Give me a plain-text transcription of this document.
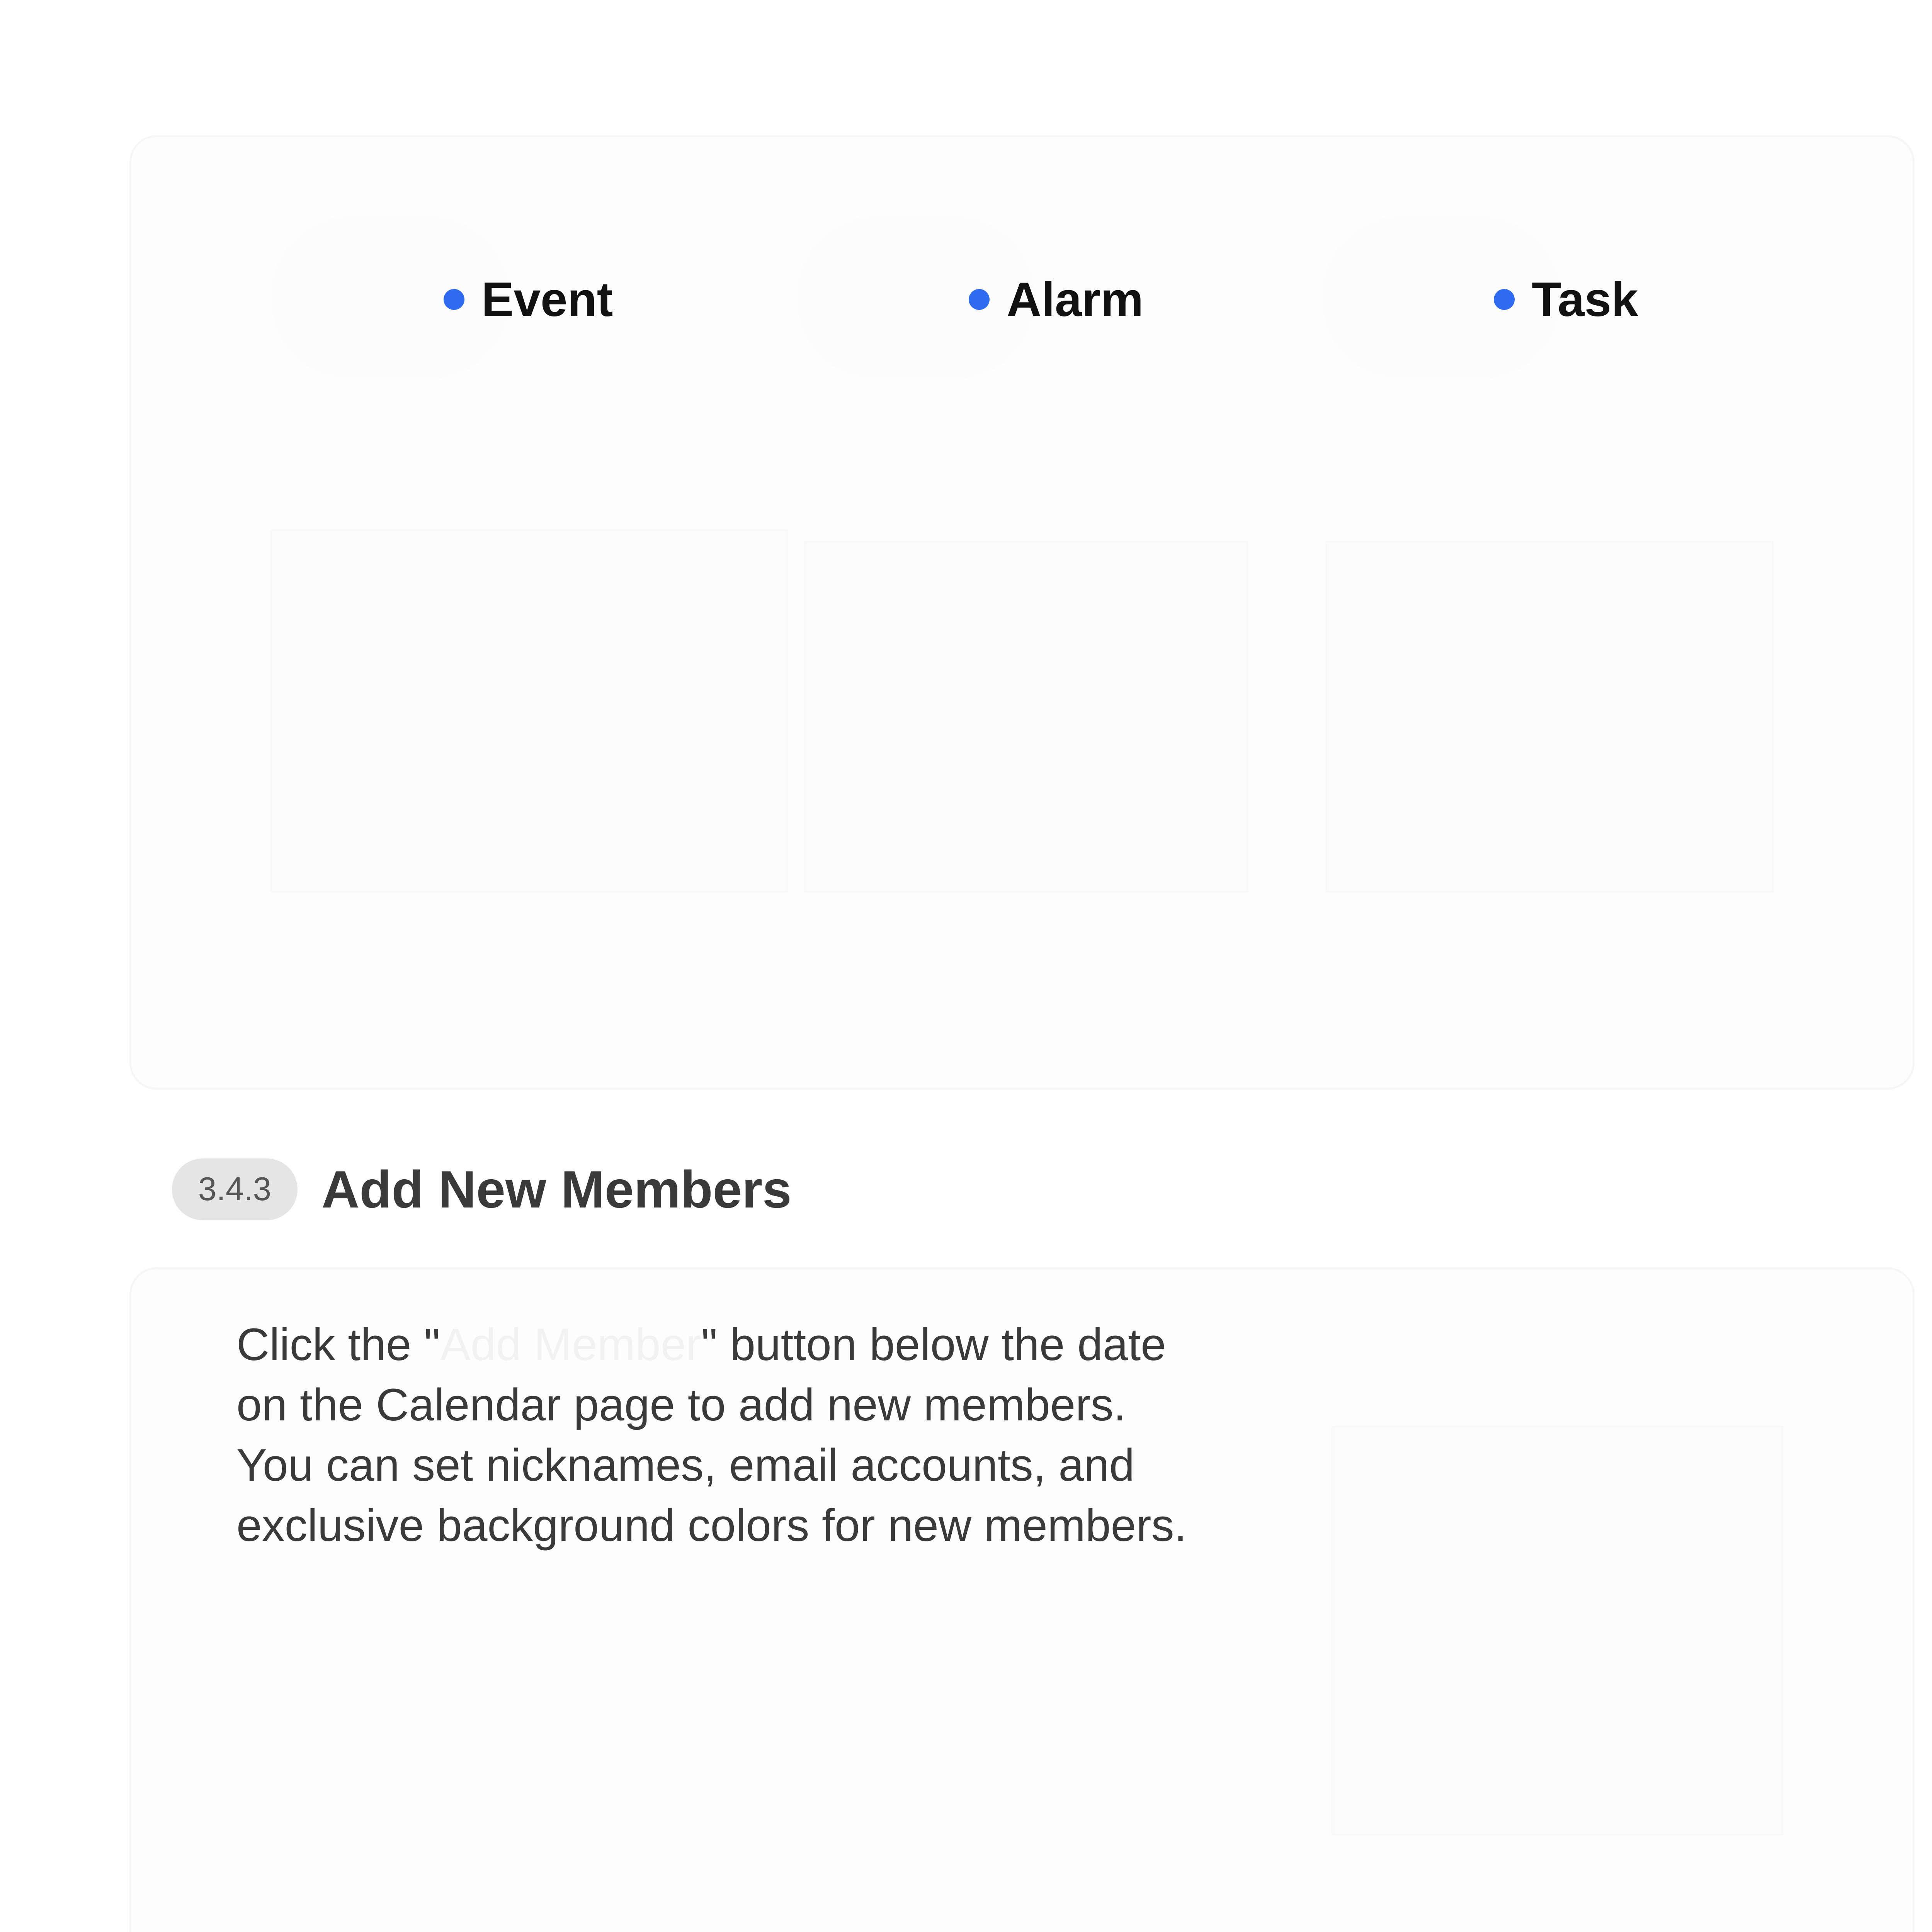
Event	Alarm	Task
3.4.3 Add New Members
Click the "Add Member" button below the date
on the Calendar page to add new members.
You can set nicknames, email accounts, and
exclusive background colors for new members.
